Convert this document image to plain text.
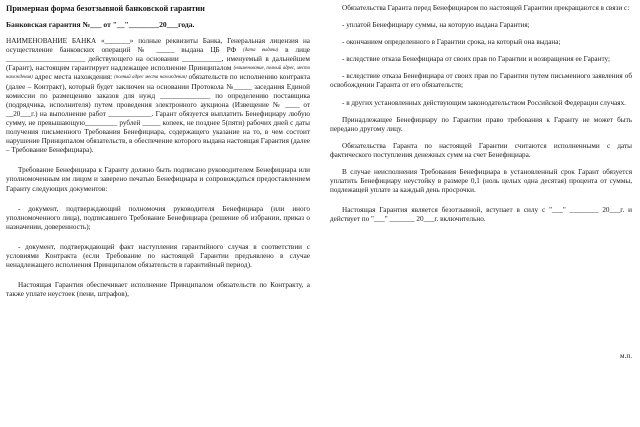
Примерная форма безотзывной банковской гарантии

Банковская гарантия №___ от "__"________20___года.

НАИМЕНОВАНИЕ БАНКА «_______» полные реквизиты Банка, Генеральная лицензия на осуществление банковских операций № _____ выдана ЦБ РФ (дата выдачи) в лице ______________________ действующего на основании ___________, именуемый в дальнейшем (Гарант), настоящим гарантирует надлежащее исполнение Принципалом (наименование, полный адрес, место нахождения) адрес места нахождения: (полный адрес места нахождения) обязательств по исполнению контракта (далее – Контракт), который будет заключен на основании Протокола №_____ заседания Единой комиссии по размещению заказов для нужд ______________ по определению поставщика (подрядчика, исполнителя) путем проведения электронного аукциона (Извещение № ____ от __20___г.) на выполнение работ ____________. Гарант обязуется выплатить Бенефициару любую сумму, не превышающую_________ рублей _____ копеек, не позднее 5(пяти) рабочих дней с даты получения письменного Требования Бенефициара, содержащего указание на то, в чем состоит нарушение Принципалом обязательств, в обеспечение которого выдана настоящая Гарантия (далее – Требование Бенефициара).

Требование Бенефициара к Гаранту должно быть подписано руководителем Бенефициара или уполномоченным им лицом и заверено печатью Бенефициара и сопровождаться предоставлением Гаранту следующих документов:

- документ, подтверждающий полномочия руководителя Бенефициара (или иного уполномоченного лица), подписавшего Требование Бенефициара (решение об избрании, приказ о назначении, доверенность);

- документ, подтверждающий факт наступления гарантийного случая в соответствии с условиями Контракта (если Требование по настоящей Гарантии предъявлено в случае ненадлежащего исполнения Принципалом обязательств в гарантийный период).

Настоящая Гарантия обеспечивает исполнение Принципалом обязательств по Контракту, а также уплате неустоек (пени, штрафов),

Обязательства Гаранта перед Бенефициаром по настоящей Гарантии прекращаются в связи с:

- уплатой Бенефициару суммы, на которую выдана Гарантия;

- окончанием определенного в Гарантии срока, на который она выдана;

- вследствие отказа Бенефициара от своих прав по Гарантии и возвращения ее Гаранту;

- вследствие отказа Бенефициара от своих прав по Гарантии путем письменного заявления об освобождении Гаранта от его обязательств;

- в других установленных действующим законодательством Российской Федерации случаях.

Принадлежащее Бенефициару по Гарантии право требования к Гаранту не может быть передано другому лицу.

Обязательства Гаранта по настоящей Гарантии считаются исполненными с даты фактического поступления денежных сумм на счет Бенефициара.

В случае неисполнения Требования Бенефициара в установленный срок Гарант обязуется уплатить Бенефициару неустойку в размере 0,1 (ноль целых одна десятая) процента от суммы, подлежащей уплате за каждый день просрочки.

Настоящая Гарантия является безотзывной, вступает в силу с "___" ________ 20___г. и действует по "___" _______ 20___г. включительно.

м.п.
